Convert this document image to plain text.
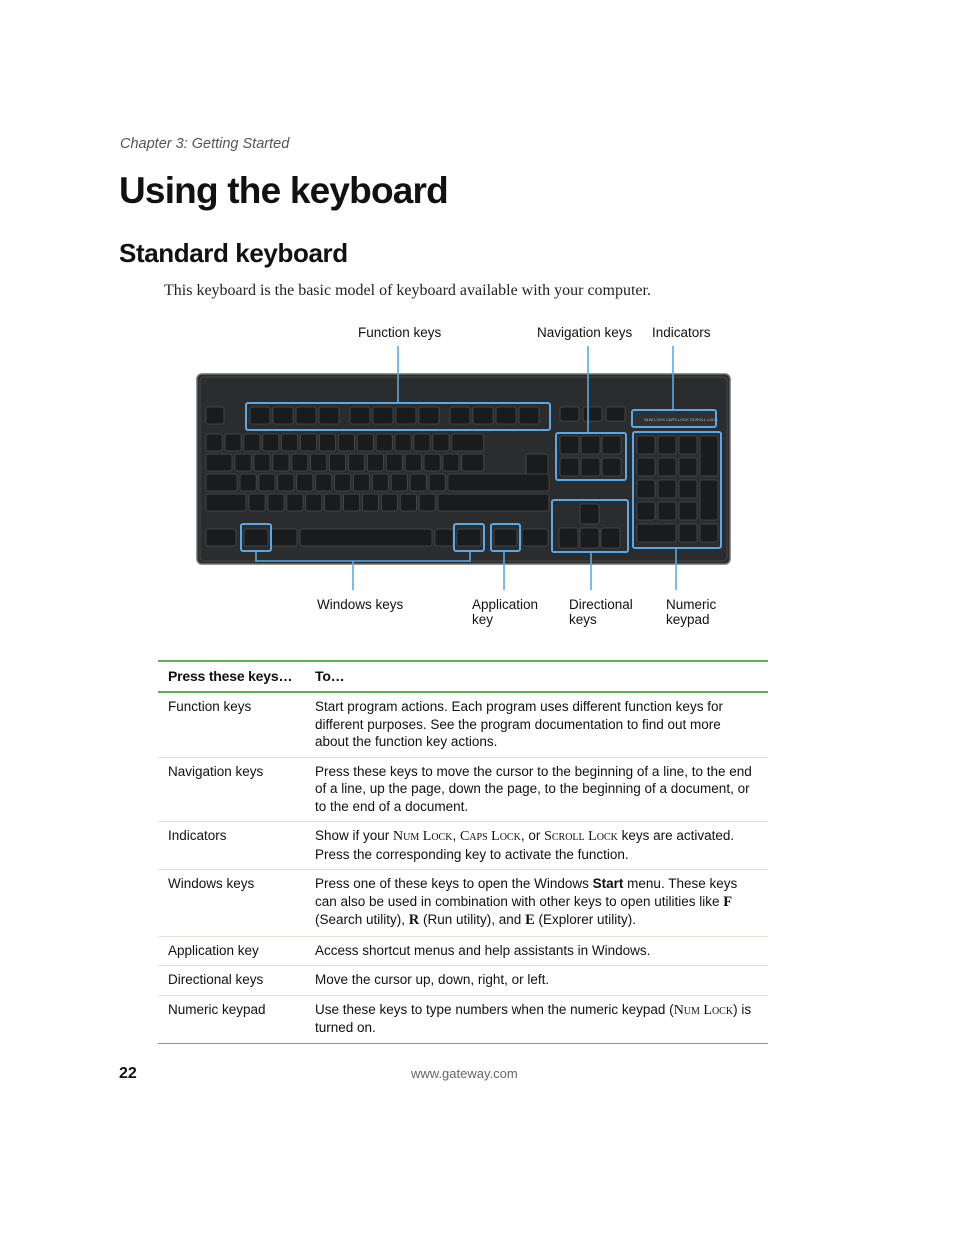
Chapter 3: Getting Started
Using the keyboard
Standard keyboard
This keyboard is the basic model of keyboard available with your computer.
Function keys	Navigation keys Indicators
NUM LOCK CAPS LOCK SCROLL LOCK
Windows keys	Application
key
Directional
keys
Numeric
keypad
Press these keys…	To…
Function keys	Start program actions. Each program uses different function keys for different purposes. See the program documentation to find out more about the function key actions.
Navigation keys	Press these keys to move the cursor to the beginning of a line, to the end of a line, up the page, down the page, to the beginning of a document, or to the end of a document.
Indicators	Show if your Num Lock, Caps Lock, or Scroll Lock keys are activated. Press the corresponding key to activate the function.
Windows keys	Press one of these keys to open the Windows Start menu. These keys can also be used in combination with other keys to open utilities like F (Search utility), R (Run utility), and E (Explorer utility).
Application key	Access shortcut menus and help assistants in Windows.
Directional keys	Move the cursor up, down, right, or left.
Numeric keypad	Use these keys to type numbers when the numeric keypad (Num Lock) is turned on.
22	www.gateway.com
